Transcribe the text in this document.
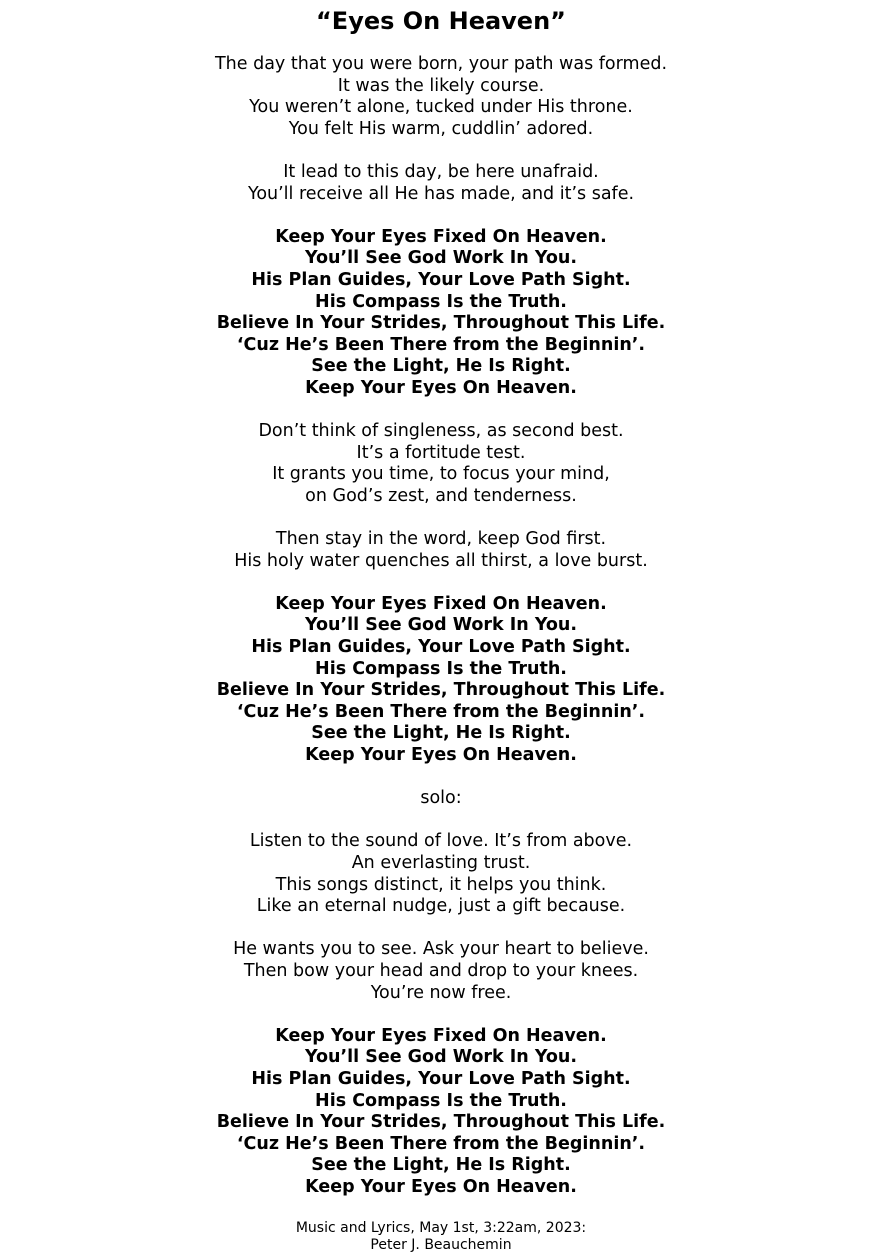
“Eyes On Heaven”
The day that you were born, your path was formed.
It was the likely course.
You weren’t alone, tucked under His throne.
You felt His warm, cuddlin’ adored.
It lead to this day, be here unafraid.
You’ll receive all He has made, and it’s safe.
Keep Your Eyes Fixed On Heaven.
You’ll See God Work In You.
His Plan Guides, Your Love Path Sight.
His Compass Is the Truth.
Believe In Your Strides, Throughout This Life.
‘Cuz He’s Been There from the Beginnin’.
See the Light, He Is Right.
Keep Your Eyes On Heaven.
Don’t think of singleness, as second best.
It’s a fortitude test.
It grants you time, to focus your mind,
on God’s zest, and tenderness.
Then stay in the word, keep God first.
His holy water quenches all thirst, a love burst.
Keep Your Eyes Fixed On Heaven.
You’ll See God Work In You.
His Plan Guides, Your Love Path Sight.
His Compass Is the Truth.
Believe In Your Strides, Throughout This Life.
‘Cuz He’s Been There from the Beginnin’.
See the Light, He Is Right.
Keep Your Eyes On Heaven.
solo:
Listen to the sound of love. It’s from above.
An everlasting trust.
This songs distinct, it helps you think.
Like an eternal nudge, just a gift because.
He wants you to see. Ask your heart to believe.
Then bow your head and drop to your knees.
You’re now free.
Keep Your Eyes Fixed On Heaven.
You’ll See God Work In You.
His Plan Guides, Your Love Path Sight.
His Compass Is the Truth.
Believe In Your Strides, Throughout This Life.
‘Cuz He’s Been There from the Beginnin’.
See the Light, He Is Right.
Keep Your Eyes On Heaven.
Music and Lyrics, May 1st, 3:22am, 2023:
Peter J. Beauchemin
